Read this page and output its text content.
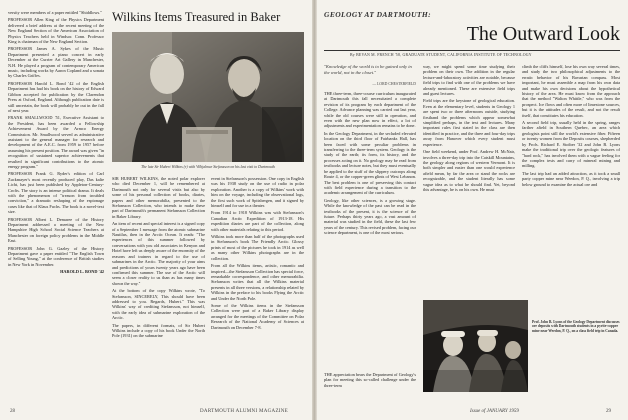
Wilkins Items Treasured in Baker

versity were members of a paper entitled "Shiddlows."

PROFESSOR Allen King of the Physics Department delivered a brief address at the recent meeting of the New England Section of the American Association of Physics Teachers held in Windsor. Conn. Professor King is chairman of the New England Section.

PROFESSOR James A. Sykes of the Music Department presented a piano concert in early December at the Currier Art Gallery in Manchester, N.H. He played a program of contemporary American music, including works by Aaron Copland and a sonata by Charles Griffes.

PROFESSOR Harold L. Bond '42 of the English Department has had his book on the history of Edward Gibbon accepted for publication by the Clarendon Press at Oxford, England. Although publication date is still uncertain, the book will probably be out in the fall of next year.

FRANK SMALLWOOD '51, Executive Assistant to the President, has been awarded a Fellowship Achievement Award by the Armco Energy Commission. Mr. Smallwood served as administrative assistant to the general manager for research and development of the A.E.C. from 1959 to 1957 before assuming his present position. The award was given "in recognition of sustained superior achievements that resulted in significant contributions to the atomic energy program."

PROFESSOR Frank G. Ryder's edition of Carl Zuckmayer's most recently produced play, Das kalte Licht, has just been published by Appleton-Century-Crofts. The story is an intense political drama. It deals with the phenomenon of "treason from troubled conviction," a dramatic reshaping of the espionage cases like that of Klaus Fuchs. The book is a novel-text size.

PROFESSOR Albert L. Demaree of the History Department addressed a meeting of the New Hampshire High School Social Science Teachers at Manchester on foreign policy problems in the Middle East.

PROFESSOR John G. Gazley of the History Department gave a paper entitled "The English Town of Selling Young," at the conference of British studies in New York in November.

HAROLD L. BOND '42

The late Sir Hubert Wilkins (r) with Vilhjalmur Stefansson on his last visit to Dartmouth

SIR HUBERT WILKINS, the noted polar explorer who died December 1, will be remembered at Dartmouth not only for several visits but also by some of his personal collection of books, diaries, papers and other memorabilia, presented to the Stefansson Collection, who intends to make these part of Dartmouth's permanent Stefansson Collection in Baker Library.

An item of recent and special interest is a signed copy of a September 1 message from the atomic submarine Nautilus, then in the Arctic Ocean. It reads: "The experiences of this summer followed by conversations with you old associates in Kenyon and Hotel have left us deeply aware of the enormity of the reasons and trainers in regard to the use of submarines in the Arctic. The majority of your aims and predictions of yours twenty years ago have been confirmed this summer. The use of the Arctic will seem a closer reality to us than as has many times shown the way."

At the bottom of the copy Wilkins wrote, "To Stefansson, SINCERELY, This should have been addressed to you. Regards, Hubert." This was Wilkins' way of crediting Stefansson, not himself, with the early idea of submarine exploration of the Arctic.

The papers, in different formats, of Sir Hubert Wilkins include a copy of his book Under the North Pole (1931) on the submarine

event in Stefansson's possession. One copy in English was his 1938 study on the use of radio in polar exploration. Another is a copy of Wilkins' work with him on the voyage, including the observational logs, the first such work of Spitsbergen, and it signed by himself and for use in a theater.

From 1914 to 1918 Wilkins was with Stefansson's Canadian Arctic Expedition of 1913-18. His expedition diaries are part of the collection, along with other materials relating to this period.

Wilkins took more than half of the photographs used in Stefansson's book The Friendly Arctic. Glossy prints of most of the pictures he took in 1914 as well as many other Wilkins photographs are in the collection.

From all the Wilkins items, artistic, romantic and inspired—the Stefansson Collection has special force, remarkable correspondence, and other memorabilia. Stefansson writes that all the Wilkins material presents in all three versions, a relationship related by Wilkins in the preface to his books Flying the Arctic and Under the North Pole.

Some of the Wilkins items in the Stefansson Collection were part of a Baker Library display arranged for the meetings of the Committee on Polar Research of the National Academy of Sciences at Dartmouth on December 7-8.

28	DARTMOUTH ALUMNI MAGAZINE
GEOLOGY AT DARTMOUTH:
The Outward Look
By BEVAN M. FRENCH '58, GRADUATE STUDENT, CALIFORNIA INSTITUTE OF TECHNOLOGY
"Knowledge of the world is to be gained only in the world, not in the closet."
— LORD CHESTERFIELD

THE three-term, three-course curriculum inaugurated at Dartmouth this fall necessitated a complete revision of its program by each department of the College. Advance planning was carried out last year, while the old courses were still in operation, and even with the new plan now in effect, a lot of adjustments and experimentation remains to be done.

In the Geology Department, in the secluded elevated location on the third floor of Fairbanks Hall, has been faced with some peculiar problems in transferring to the three-term system. Geology is the study of the earth; its form, its history, and the processes acting on it. No geology may be read from textbooks and lecture notes, but they must eventually be applied to the stuff of the slippery outcrops along Route 4, or the copper-green glints of West Lebanon. The best problem is one of preserving this contact with field experience during a transition to the academic arrangement of the curriculum.

Geology, like other sciences, is a growing stage. While the knowledge of the past can be read in the textbooks of the present, it is the science of the future. Perhaps thirty years ago, a vast amount of material was studied in the field, these the last few years of the century. This revised problem, facing our science department, is one of the most serious.

way, we might spend some time studying their problem on their own. The addition in the regular lecture-and-laboratory activities are notable, because field trips to find with one of the problems we have already mentioned. These are extensive field trips and guest lectures.

Field trips are the keystone of geological education. Even at the elementary level, students in Geology 1 are spent two or three afternoons outside, studying firsthand the problems which appear somewhat simplified perhaps, in the text and lectures. Many important rules first stated in the class are then identified in practice, and the three and four-day trips away from Hanover which every student must experience.

One field weekend, under Prof. Andrew H. McNair, involves a three-day trip into the Catskill Mountains, the geology along regions of western Vermont. It is both simpler and easier than one would experience afield mean, by far the area or stand the rocks are recognizable, and the student literally has some vague idea as to what he should find. Yet, beyond this advantage, he is on his own. He must

climb the cliffs himself, lose his own way several times, and study the two philosophical adjustments to the erratic behavior of his Bavarian compass. Most important, he must assemble a map from his own data and make his own decisions about the hypothetical history of the area. He must know from the approach that the method "Walton Whittle," who was from the prospect. Ice flows and often more of limestone sources, but it is the attitudes of the result, and not the result itself, that constitutes his education.

A second field trip, usually held in the spring, ranges farther afield in Southern Quebec, an area which geologists point still the world's extensive fiber. Fifteen or twenty women from the Deposits courses, shepherded by Profs. Richard E. Stoiber '32 and John B. Lyons make the traditional trip over the geologic features of "hard rock," has involved them with a vague feeling for the complex tests and carry of mineral mining and milling.

The last trip had an added attraction, as it took a small party copper mine near Weedon, P. Q., involving a trip below ground to examine the actual ore and

Prof. John B. Lyons of the Geology Department discusses ore deposits with Dartmouth students in a pyrite-copper mine near Weedon, P. Q., on a class field trip in Canada.

THE appreciation bears the Department of Geology's plan for meeting this so-called challenge under the three-term

Issue of JANUARY 1959	29
